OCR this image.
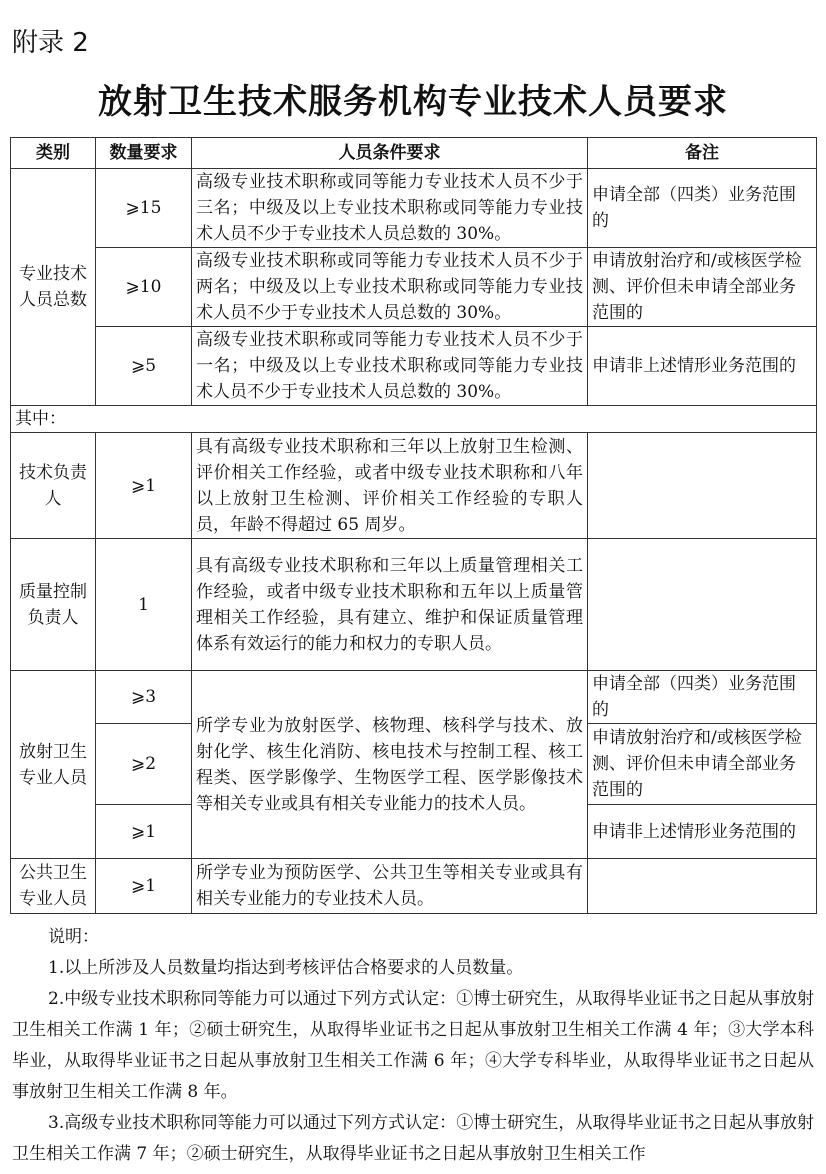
附录 2
放射卫生技术服务机构专业技术人员要求
类别	数量要求	人员条件要求	备注
专业技术人员总数	⩾15	高级专业技术职称或同等能力专业技术人员不少于三名；中级及以上专业技术职称或同等能力专业技术人员不少于专业技术人员总数的 30%。	申请全部（四类）业务范围的
	⩾10	高级专业技术职称或同等能力专业技术人员不少于两名；中级及以上专业技术职称或同等能力专业技术人员不少于专业技术人员总数的 30%。	申请放射治疗和/或核医学检测、评价但未申请全部业务范围的
	⩾5	高级专业技术职称或同等能力专业技术人员不少于一名；中级及以上专业技术职称或同等能力专业技术人员不少于专业技术人员总数的 30%。	申请非上述情形业务范围的
其中：			
技术负责人	⩾1	具有高级专业技术职称和三年以上放射卫生检测、评价相关工作经验，或者中级专业技术职称和八年以上放射卫生检测、评价相关工作经验的专职人员，年龄不得超过 65 周岁。	
质量控制负责人	1	具有高级专业技术职称和三年以上质量管理相关工作经验，或者中级专业技术职称和五年以上质量管理相关工作经验，具有建立、维护和保证质量管理体系有效运行的能力和权力的专职人员。	
放射卫生专业人员	⩾3	所学专业为放射医学、核物理、核科学与技术、放射化学、核生化消防、核电技术与控制工程、核工程类、医学影像学、生物医学工程、医学影像技术等相关专业或具有相关专业能力的技术人员。	申请全部（四类）业务范围的
	⩾2		申请放射治疗和/或核医学检测、评价但未申请全部业务范围的
	⩾1		申请非上述情形业务范围的
公共卫生专业人员	⩾1	所学专业为预防医学、公共卫生等相关专业或具有相关专业能力的专业技术人员。	

说明：

1.以上所涉及人员数量均指达到考核评估合格要求的人员数量。

2.中级专业技术职称同等能力可以通过下列方式认定：①博士研究生，从取得毕业证书之日起从事放射卫生相关工作满 1 年；②硕士研究生，从取得毕业证书之日起从事放射卫生相关工作满 4 年；③大学本科毕业，从取得毕业证书之日起从事放射卫生相关工作满 6 年；④大学专科毕业，从取得毕业证书之日起从事放射卫生相关工作满 8 年。

3.高级专业技术职称同等能力可以通过下列方式认定：①博士研究生，从取得毕业证书之日起从事放射卫生相关工作满 7 年；②硕士研究生，从取得毕业证书之日起从事放射卫生相关工作
